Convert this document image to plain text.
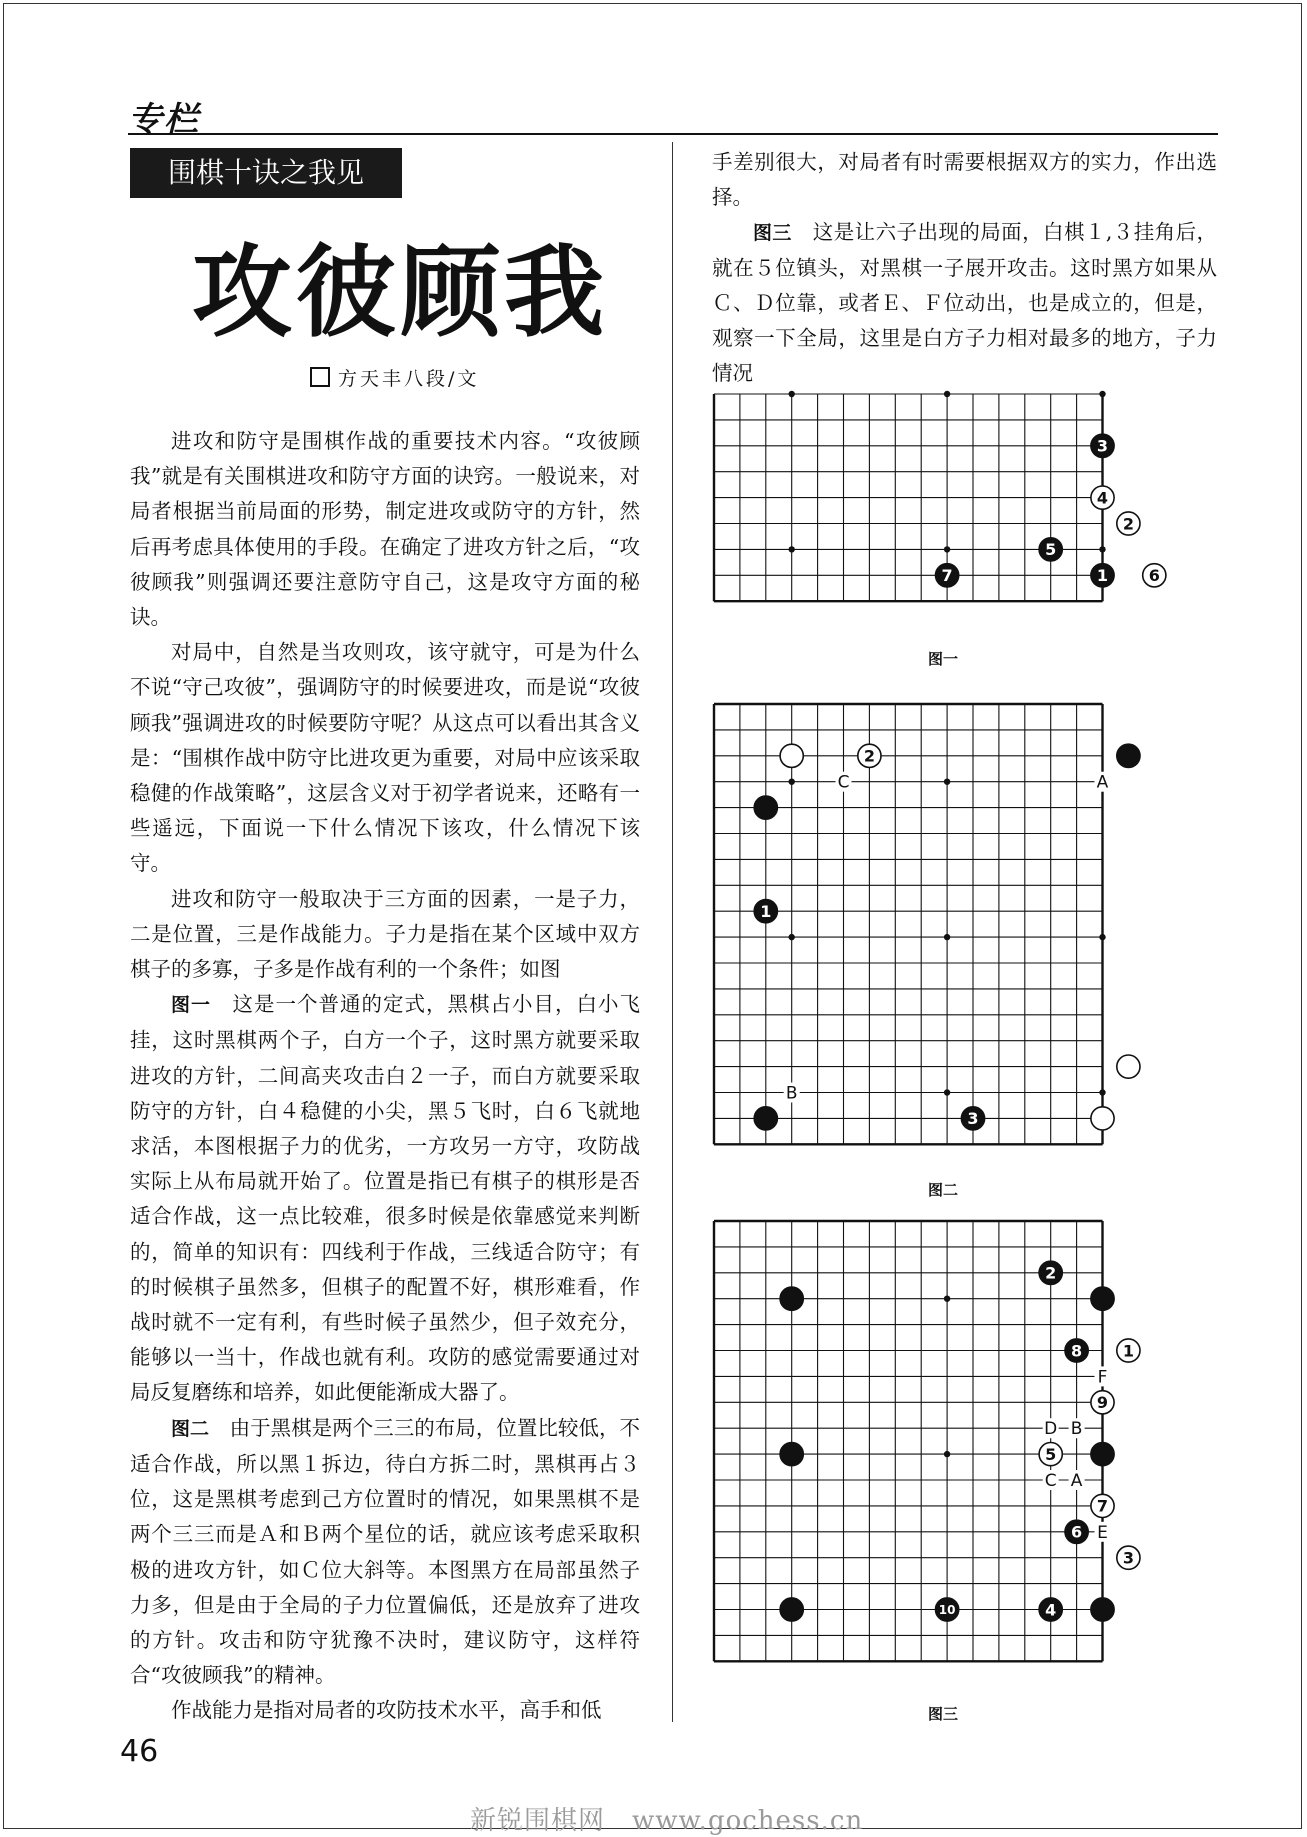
专栏
围棋十诀之我见
攻彼顾我
方天丰八段/文

进攻和防守是围棋作战的重要技术内容。“攻彼顾我”就是有关围棋进攻和防守方面的诀窍。一般说来，对局者根据当前局面的形势，制定进攻或防守的方针，然后再考虑具体使用的手段。在确定了进攻方针之后，“攻彼顾我”则强调还要注意防守自己，这是攻守方面的秘诀。

对局中，自然是当攻则攻，该守就守，可是为什么不说“守己攻彼”，强调防守的时候要进攻，而是说“攻彼顾我”强调进攻的时候要防守呢？从这点可以看出其含义是：“围棋作战中防守比进攻更为重要，对局中应该采取稳健的作战策略”，这层含义对于初学者说来，还略有一些遥远，下面说一下什么情况下该攻，什么情况下该守。

进攻和防守一般取决于三方面的因素，一是子力，二是位置，三是作战能力。子力是指在某个区域中双方棋子的多寡，子多是作战有利的一个条件；如图

图一　这是一个普通的定式，黑棋占小目，白小飞挂，这时黑棋两个子，白方一个子，这时黑方就要采取进攻的方针，二间高夹攻击白２一子，而白方就要采取防守的方针，白４稳健的小尖，黑５飞时，白６飞就地求活，本图根据子力的优劣，一方攻另一方守，攻防战实际上从布局就开始了。位置是指已有棋子的棋形是否适合作战，这一点比较难，很多时候是依靠感觉来判断的，简单的知识有：四线利于作战，三线适合防守；有的时候棋子虽然多，但棋子的配置不好，棋形难看，作战时就不一定有利，有些时候子虽然少，但子效充分，能够以一当十，作战也就有利。攻防的感觉需要通过对局反复磨练和培养，如此便能渐成大器了。

图二　由于黑棋是两个三三的布局，位置比较低，不适合作战，所以黑１拆边，待白方拆二时，黑棋再占３位，这是黑棋考虑到己方位置时的情况，如果黑棋不是两个三三而是Ａ和Ｂ两个星位的话，就应该考虑采取积极的进攻方针，如Ｃ位大斜等。本图黑方在局部虽然子力多，但是由于全局的子力位置偏低，还是放弃了进攻的方针。攻击和防守犹豫不决时，建议防守，这样符合“攻彼顾我”的精神。

作战能力是指对局者的攻防技术水平，高手和低

手差别很大，对局者有时需要根据双方的实力，作出选择。

图三　这是让六子出现的局面，白棋１,３挂角后，就在５位镇头，对黑棋一子展开攻击。这时黑方如果从Ｃ、Ｄ位靠，或者Ｅ、Ｆ位动出，也是成立的，但是，观察一下全局，这里是白方子力相对最多的地方，子力情况

3
4
2
5
7	1	6
图一
C	A
B
2
1
3
图二
F
D B
C A
E
2
8	1
9
5
7
6
3
10	4
图三
46
新锐围棋网　www.gochess.cn
